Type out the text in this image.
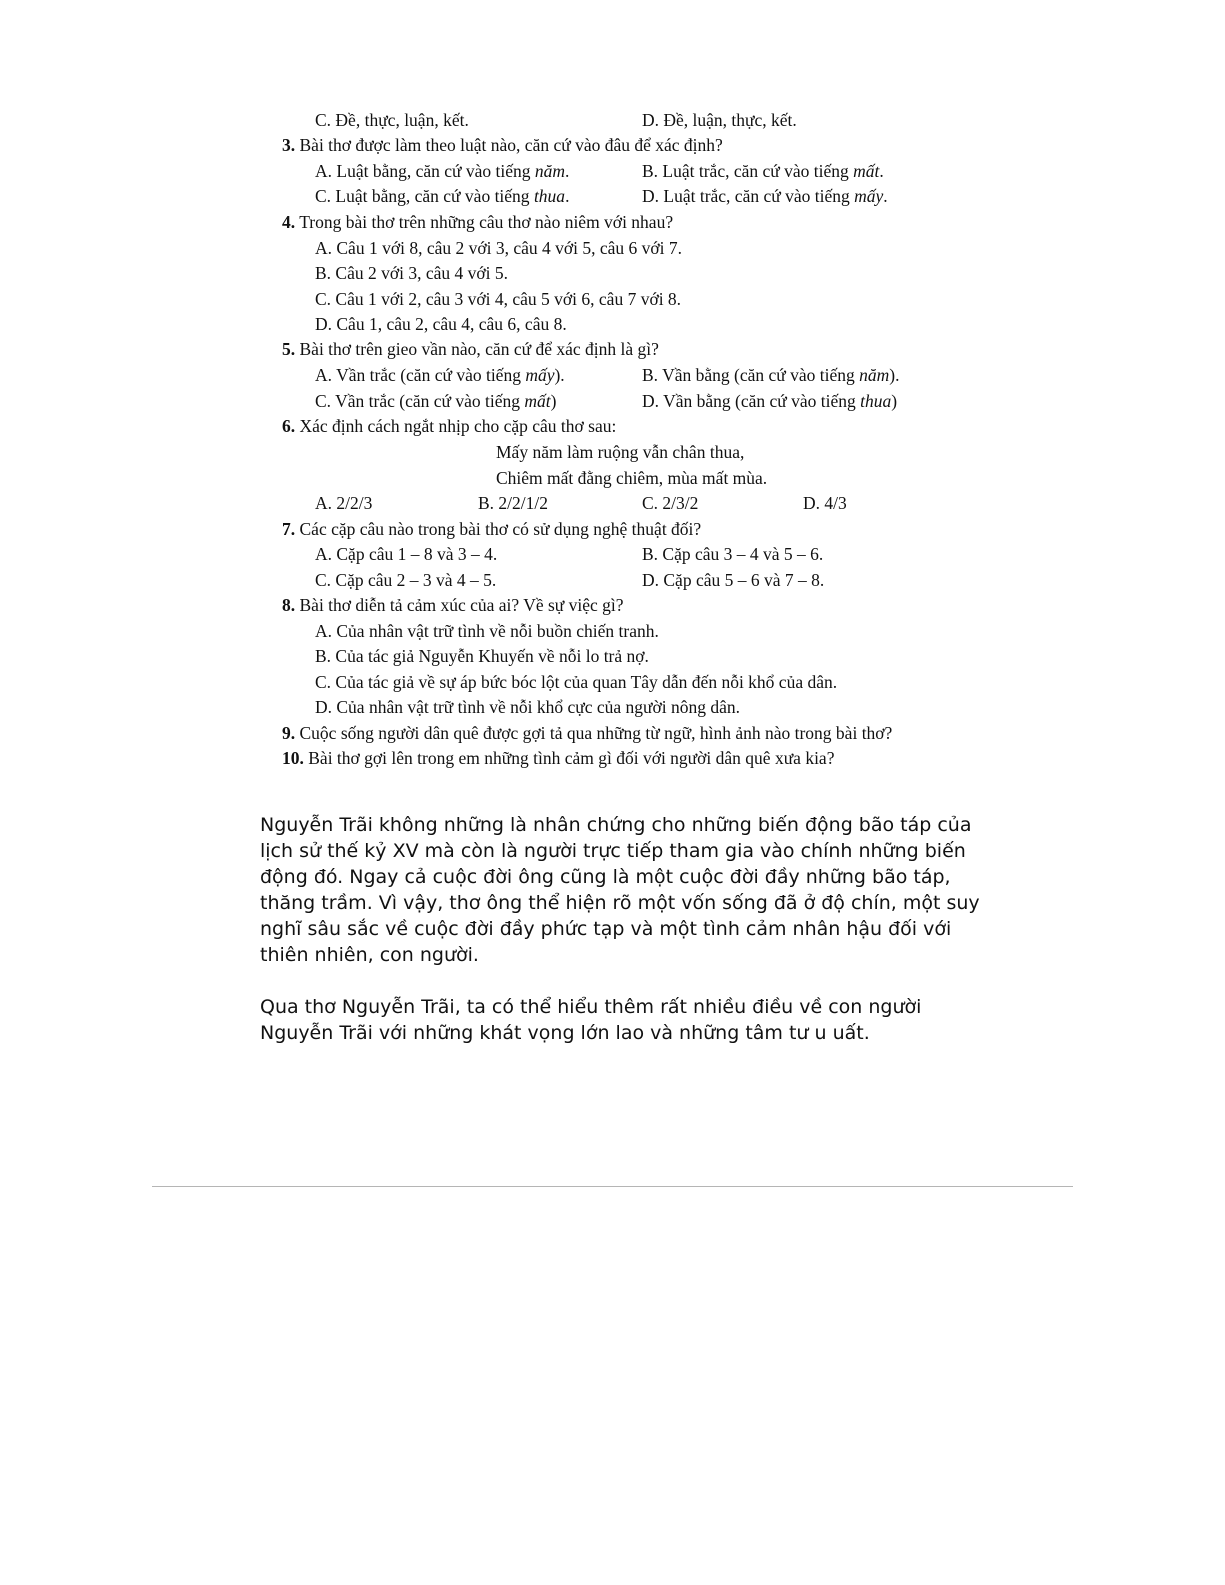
C. Đề, thực, luận, kết.	D. Đề, luận, thực, kết.
3. Bài thơ được làm theo luật nào, căn cứ vào đâu để xác định?
A. Luật bằng, căn cứ vào tiếng năm.	B. Luật trắc, căn cứ vào tiếng mất.
C. Luật bằng, căn cứ vào tiếng thua.	D. Luật trắc, căn cứ vào tiếng mấy.
4. Trong bài thơ trên những câu thơ nào niêm với nhau?
A. Câu 1 với 8, câu 2 với 3, câu 4 với 5, câu 6 với 7.
B. Câu 2 với 3, câu 4 với 5.
C. Câu 1 với 2, câu 3 với 4, câu 5 với 6, câu 7 với 8.
D. Câu 1, câu 2, câu 4, câu 6, câu 8.
5. Bài thơ trên gieo vần nào, căn cứ để xác định là gì?
A. Vần trắc (căn cứ vào tiếng mấy).	B. Vần bằng (căn cứ vào tiếng năm).
C. Vần trắc (căn cứ vào tiếng mất)	D. Vần bằng (căn cứ vào tiếng thua)
6. Xác định cách ngắt nhịp cho cặp câu thơ sau:
Mấy năm làm ruộng vẫn chân thua,
Chiêm mất đằng chiêm, mùa mất mùa.
A. 2/2/3	B. 2/2/1/2	C. 2/3/2	D. 4/3
7. Các cặp câu nào trong bài thơ có sử dụng nghệ thuật đối?
A. Cặp câu 1 – 8 và 3 – 4.	B. Cặp câu 3 – 4 và 5 – 6.
C. Cặp câu 2 – 3 và 4 – 5.	D. Cặp câu 5 – 6 và 7 – 8.
8. Bài thơ diễn tả cảm xúc của ai? Về sự việc gì?
A. Của nhân vật trữ tình về nỗi buồn chiến tranh.
B. Của tác giả Nguyễn Khuyến về nỗi lo trả nợ.
C. Của tác giả về sự áp bức bóc lột của quan Tây dẫn đến nỗi khổ của dân.
D. Của nhân vật trữ tình về nỗi khổ cực của người nông dân.
9. Cuộc sống người dân quê được gợi tả qua những từ ngữ, hình ảnh nào trong bài thơ?
10. Bài thơ gợi lên trong em những tình cảm gì đối với người dân quê xưa kia?

Nguyễn Trãi không những là nhân chứng cho những biến động bão táp của lịch sử thế kỷ XV mà còn là người trực tiếp tham gia vào chính những biến động đó. Ngay cả cuộc đời ông cũng là một cuộc đời đầy những bão táp, thăng trầm. Vì vậy, thơ ông thể hiện rõ một vốn sống đã ở độ chín, một suy nghĩ sâu sắc về cuộc đời đầy phức tạp và một tình cảm nhân hậu đối với thiên nhiên, con người.

Qua thơ Nguyễn Trãi, ta có thể hiểu thêm rất nhiều điều về con người Nguyễn Trãi với những khát vọng lớn lao và những tâm tư u uất.
